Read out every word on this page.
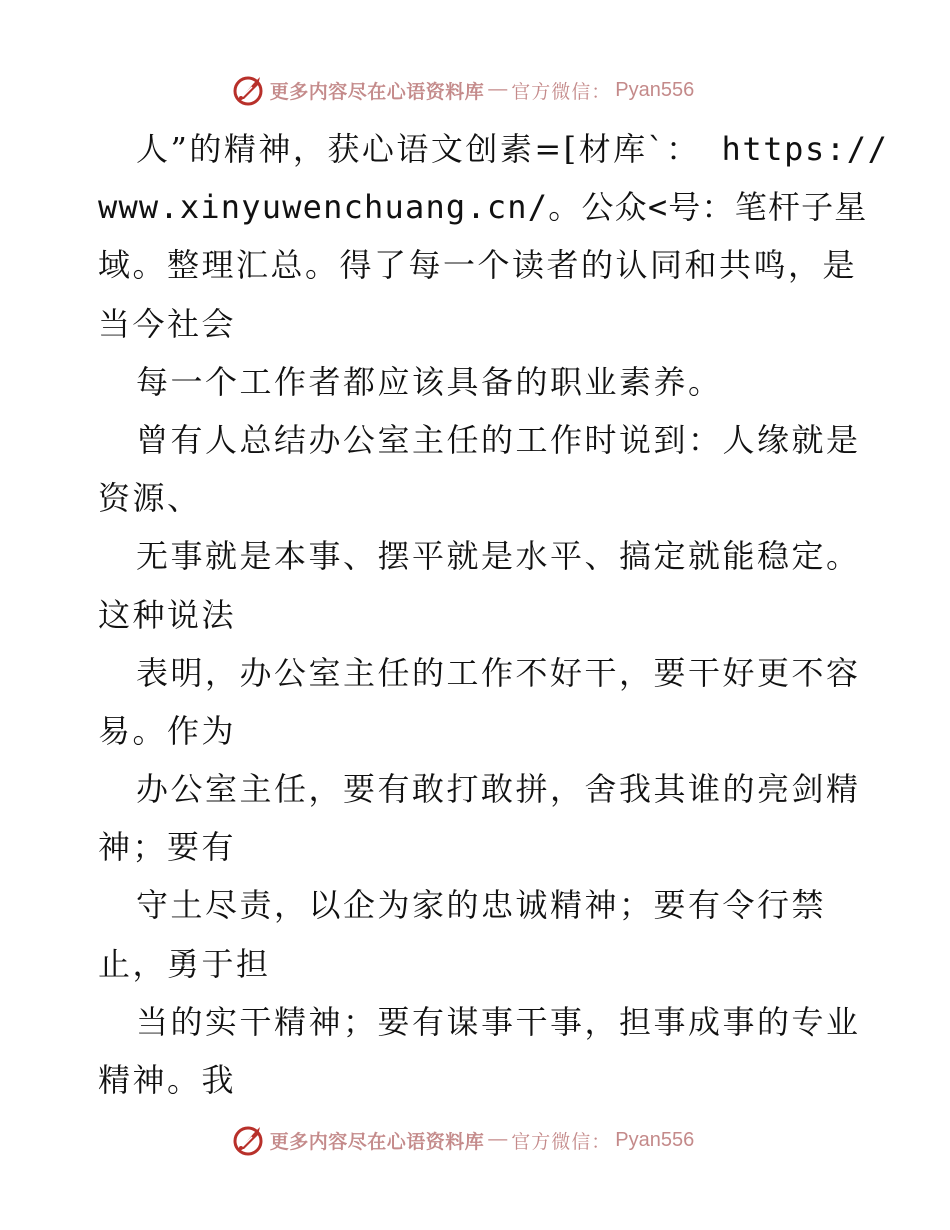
更多内容尽在心语资料库 — 官方微信： Pyan556
人”的精神，获心语文创素=[材库`： https://
www.xinyuwenchuang.cn/。公众<号：笔杆子星
域。整理汇总。得了每一个读者的认同和共鸣，是
当今社会
每一个工作者都应该具备的职业素养。
曾有人总结办公室主任的工作时说到：人缘就是
资源、
无事就是本事、摆平就是水平、搞定就能稳定。
这种说法
表明，办公室主任的工作不好干，要干好更不容
易。作为
办公室主任，要有敢打敢拼，舍我其谁的亮剑精
神；要有
守土尽责，以企为家的忠诚精神；要有令行禁
止，勇于担
当的实干精神；要有谋事干事，担事成事的专业
精神。我
更多内容尽在心语资料库 — 官方微信： Pyan556
